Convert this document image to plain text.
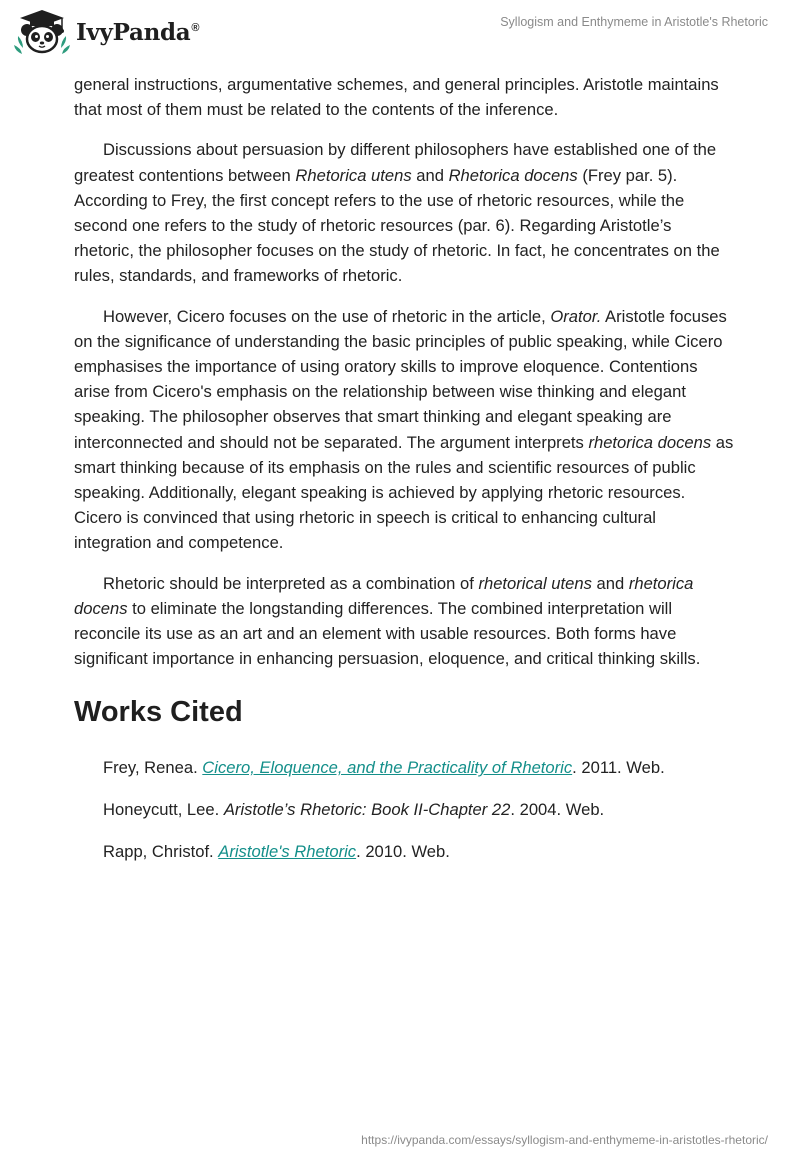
IvyPanda®	Syllogism and Enthymeme in Aristotle's Rhetoric

general instructions, argumentative schemes, and general principles. Aristotle maintains that most of them must be related to the contents of the inference.

Discussions about persuasion by different philosophers have established one of the greatest contentions between Rhetorica utens and Rhetorica docens (Frey par. 5). According to Frey, the first concept refers to the use of rhetoric resources, while the second one refers to the study of rhetoric resources (par. 6). Regarding Aristotle’s rhetoric, the philosopher focuses on the study of rhetoric. In fact, he concentrates on the rules, standards, and frameworks of rhetoric.

However, Cicero focuses on the use of rhetoric in the article, Orator. Aristotle focuses on the significance of understanding the basic principles of public speaking, while Cicero emphasises the importance of using oratory skills to improve eloquence. Contentions arise from Cicero's emphasis on the relationship between wise thinking and elegant speaking. The philosopher observes that smart thinking and elegant speaking are interconnected and should not be separated. The argument interprets rhetorica docens as smart thinking because of its emphasis on the rules and scientific resources of public speaking. Additionally, elegant speaking is achieved by applying rhetoric resources. Cicero is convinced that using rhetoric in speech is critical to enhancing cultural integration and competence.

Rhetoric should be interpreted as a combination of rhetorical utens and rhetorica docens to eliminate the longstanding differences. The combined interpretation will reconcile its use as an art and an element with usable resources. Both forms have significant importance in enhancing persuasion, eloquence, and critical thinking skills.

Works Cited
Frey, Renea. Cicero, Eloquence, and the Practicality of Rhetoric. 2011. Web.
Honeycutt, Lee. Aristotle’s Rhetoric: Book II-Chapter 22. 2004. Web.
Rapp, Christof. Aristotle's Rhetoric. 2010. Web.
https://ivypanda.com/essays/syllogism-and-enthymeme-in-aristotles-rhetoric/
